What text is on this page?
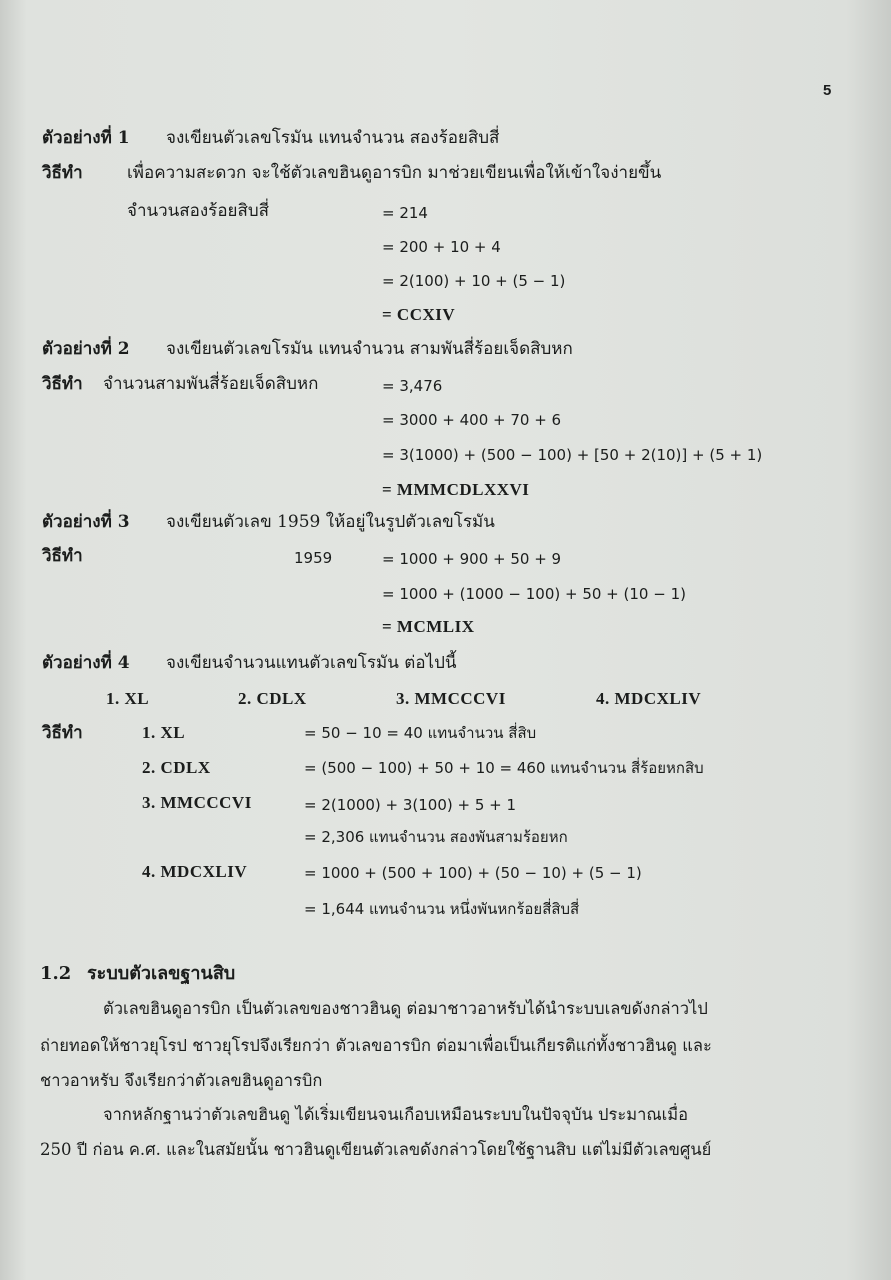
5
ตัวอย่างที่ 1 จงเขียนตัวเลขโรมัน แทนจำนวน สองร้อยสิบสี่
วิธีทำ	เพื่อความสะดวก จะใช้ตัวเลขฮินดูอารบิก มาช่วยเขียนเพื่อให้เข้าใจง่ายขึ้น
จำนวนสองร้อยสิบสี่	= 214
= 200 + 10 + 4
= 2(100) + 10 + (5 − 1)
= CCXIV
ตัวอย่างที่ 2 จงเขียนตัวเลขโรมัน แทนจำนวน สามพันสี่ร้อยเจ็ดสิบหก
วิธีทำ จำนวนสามพันสี่ร้อยเจ็ดสิบหก	= 3,476
= 3000 + 400 + 70 + 6
= 3(1000) + (500 − 100) + [50 + 2(10)] + (5 + 1)
= MMMCDLXXVI
ตัวอย่างที่ 3 จงเขียนตัวเลข 1959 ให้อยู่ในรูปตัวเลขโรมัน
วิธีทำ	1959	= 1000 + 900 + 50 + 9
= 1000 + (1000 − 100) + 50 + (10 − 1)
= MCMLIX
ตัวอย่างที่ 4 จงเขียนจำนวนแทนตัวเลขโรมัน ต่อไปนี้
1. XL	2. CDLX	3. MMCCCVI	4. MDCXLIV
วิธีทำ	1. XL	= 50 − 10 = 40 แทนจำนวน สี่สิบ
2. CDLX	= (500 − 100) + 50 + 10 = 460 แทนจำนวน สี่ร้อยหกสิบ
3. MMCCCVI	= 2(1000) + 3(100) + 5 + 1
= 2,306 แทนจำนวน สองพันสามร้อยหก
4. MDCXLIV	= 1000 + (500 + 100) + (50 − 10) + (5 − 1)
= 1,644 แทนจำนวน หนึ่งพันหกร้อยสี่สิบสี่
1.2 ระบบตัวเลขฐานสิบ
ตัวเลขฮินดูอารบิก เป็นตัวเลขของชาวฮินดู ต่อมาชาวอาหรับได้นำระบบเลขดังกล่าวไป
ถ่ายทอดให้ชาวยุโรป ชาวยุโรปจึงเรียกว่า ตัวเลขอารบิก ต่อมาเพื่อเป็นเกียรติแก่ทั้งชาวฮินดู และ
ชาวอาหรับ จึงเรียกว่าตัวเลขฮินดูอารบิก
จากหลักฐานว่าตัวเลขฮินดู ได้เริ่มเขียนจนเกือบเหมือนระบบในปัจจุบัน ประมาณเมื่อ
250 ปี ก่อน ค.ศ. และในสมัยนั้น ชาวฮินดูเขียนตัวเลขดังกล่าวโดยใช้ฐานสิบ แต่ไม่มีตัวเลขศูนย์
